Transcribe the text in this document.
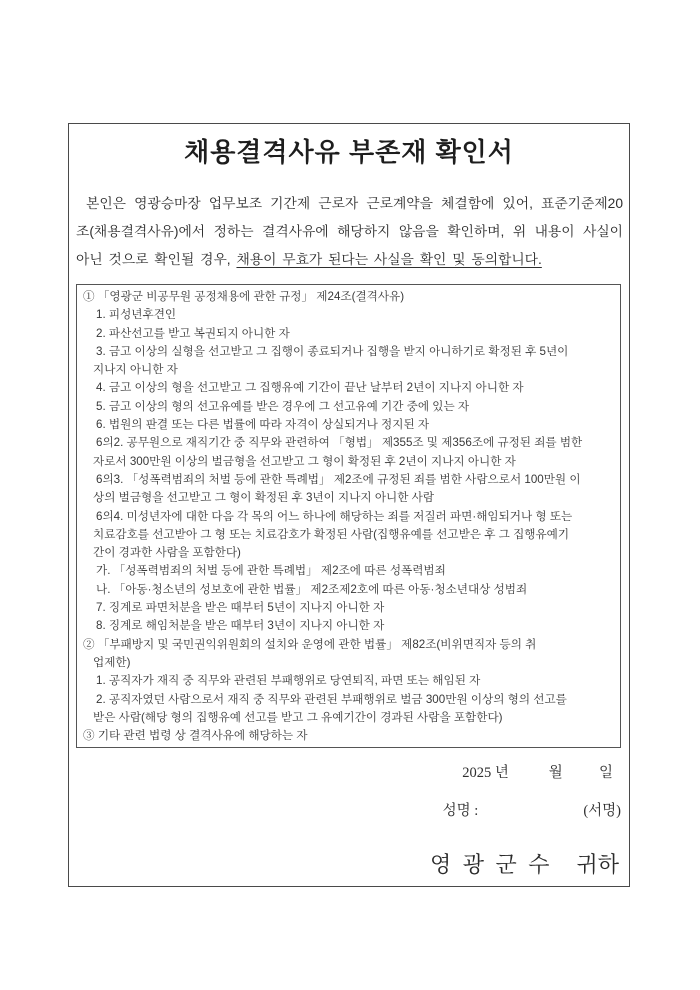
채용결격사유 부존재 확인서

본인은 영광승마장 업무보조 기간제 근로자 근로계약을 체결함에 있어, 표준기준제20
조(채용결격사유)에서 정하는 결격사유에 해당하지 않음을 확인하며, 위 내용이 사실이
아닌 것으로 확인될 경우, 채용이 무효가 된다는 사실을 확인 및 동의합니다.

① 「영광군 비공무원 공정채용에 관한 규정」 제24조(결격사유)
1. 피성년후견인
2. 파산선고를 받고 복권되지 아니한 자
3. 금고 이상의 실형을 선고받고 그 집행이 종료되거나 집행을 받지 아니하기로 확정된 후 5년이
지나지 아니한 자
4. 금고 이상의 형을 선고받고 그 집행유예 기간이 끝난 날부터 2년이 지나지 아니한 자
5. 금고 이상의 형의 선고유예를 받은 경우에 그 선고유예 기간 중에 있는 자
6. 법원의 판결 또는 다른 법률에 따라 자격이 상실되거나 정지된 자
6의2. 공무원으로 재직기간 중 직무와 관련하여 「형법」 제355조 및 제356조에 규정된 죄를 범한
자로서 300만원 이상의 벌금형을 선고받고 그 형이 확정된 후 2년이 지나지 아니한 자
6의3. 「성폭력범죄의 처벌 등에 관한 특례법」 제2조에 규정된 죄를 범한 사람으로서 100만원 이
상의 벌금형을 선고받고 그 형이 확정된 후 3년이 지나지 아니한 사람
6의4. 미성년자에 대한 다음 각 목의 어느 하나에 해당하는 죄를 저질러 파면·해임되거나 형 또는
치료감호를 선고받아 그 형 또는 치료감호가 확정된 사람(집행유예를 선고받은 후 그 집행유예기
간이 경과한 사람을 포함한다)
가. 「성폭력범죄의 처벌 등에 관한 특례법」 제2조에 따른 성폭력범죄
나. 「아동·청소년의 성보호에 관한 법률」 제2조제2호에 따른 아동·청소년대상 성범죄
7. 징계로 파면처분을 받은 때부터 5년이 지나지 아니한 자
8. 징계로 해임처분을 받은 때부터 3년이 지나지 아니한 자
② 「부패방지 및 국민권익위원회의 설치와 운영에 관한 법률」 제82조(비위면직자 등의 취
업제한)
1. 공직자가 재직 중 직무와 관련된 부패행위로 당연퇴직, 파면 또는 해임된 자
2. 공직자였던 사람으로서 재직 중 직무와 관련된 부패행위로 벌금 300만원 이상의 형의 선고를
받은 사람(해당 형의 집행유예 선고를 받고 그 유예기간이 경과된 사람을 포함한다)
③ 기타 관련 법령 상 결격사유에 해당하는 자
2025 년           월          일
성명 :	(서명)
영 광 군 수 귀하
